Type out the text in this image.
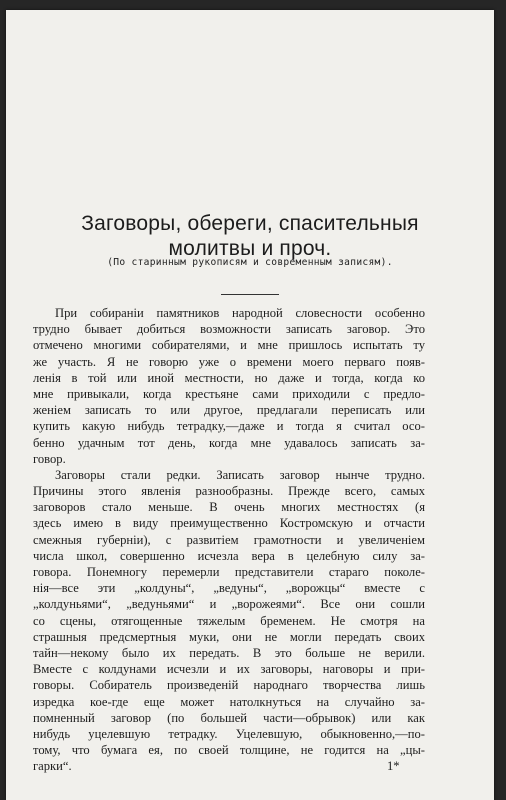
Заговоры, обереги, спасительныя
молитвы и проч.
(По старинным рукописям и современным записям).
При собиранiи памятников народной словесности особенно
трудно бывает добиться возможности записать заговор. Это
отмечено многими собирателями, и мне пришлось испытать ту
же участь. Я не говорю уже о времени моего перваго появ-
ленiя в той или иной местности, но даже и тогда, когда ко
мне привыкали, когда крестьяне сами приходили с предло-
женiем записать то или другое, предлагали переписать или
купить какую нибудь тетрадку,—даже и тогда я считал осо-
бенно удачным тот день, когда мне удавалось записать за-
говор.
Заговоры стали редки. Записать заговор нынче трудно.
Причины этого явленiя разнообразны. Прежде всего, самых
заговоров стало меньше. В очень многих местностях (я
здесь имею в виду преимущественно Костромскую и отчасти
смежныя губернiи), с развитiем грамотности и увеличенiем
числа школ, совершенно исчезла вера в целебную силу за-
говора. Понемногу перемерли представители стараго поколе-
нiя—все эти „колдуны“, „ведуны“, „ворожцы“ вместе с
„колдуньями“, „ведуньями“ и „ворожеями“. Все они сошли
со сцены, отягощенные тяжелым бременем. Не смотря на
страшныя предсмертныя муки, они не могли передать своих
тайн—некому было их передать. В это больше не верили.
Вместе с колдунами исчезли и их заговоры, наговоры и при-
говоры. Собиратель произведенiй народнаго творчества лишь
изредка кое-где еще может натолкнуться на случайно за-
помненный заговор (по большей части—обрывок) или как
нибудь уцелевшую тетрадку. Уцелевшую, обыкновенно,—по-
тому, что бумага ея, по своей толщине, не годится на „цы-
гарки“.	1*
